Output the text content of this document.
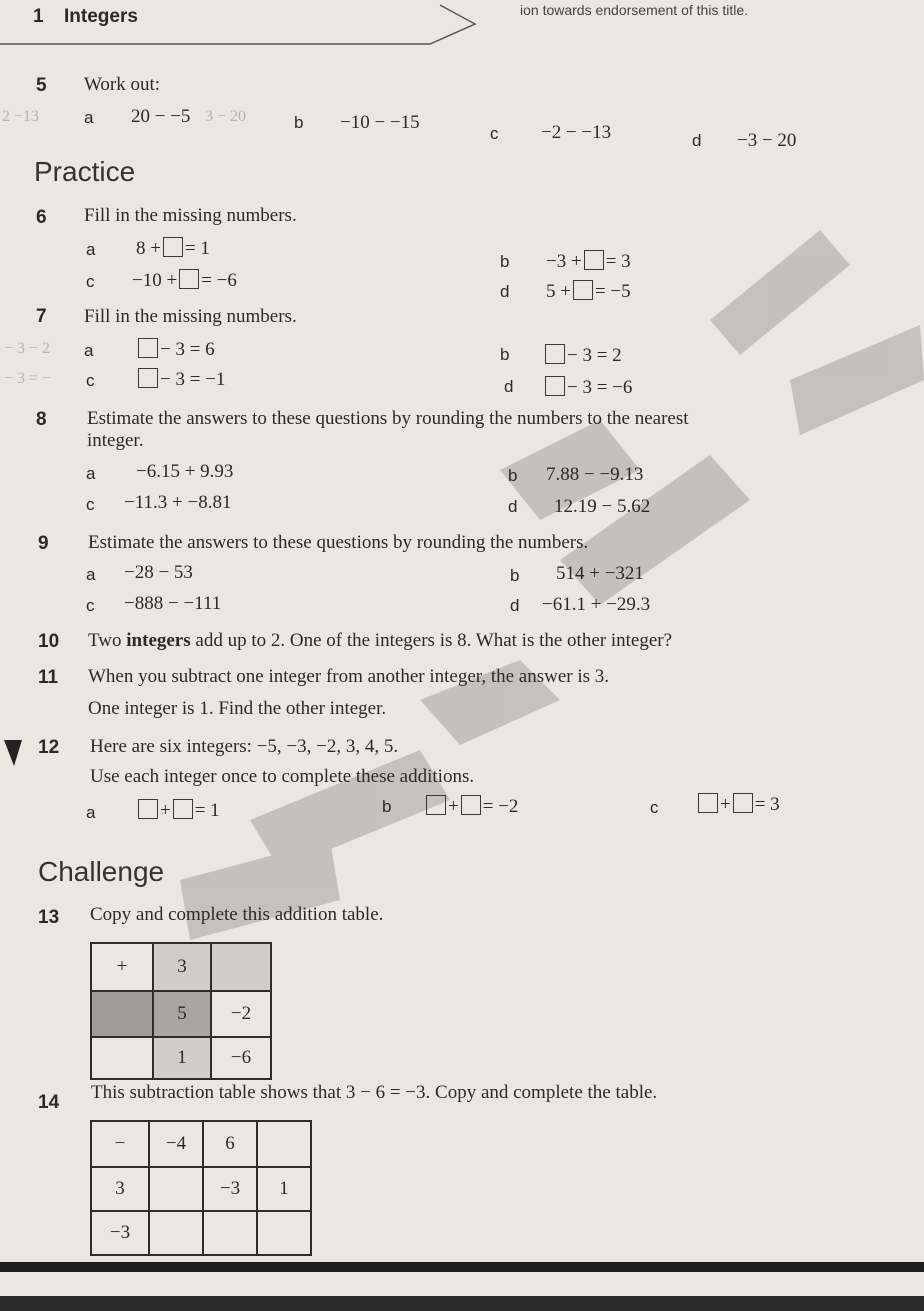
1 Integers	ion towards endorsement of this title.
5 Work out:
2 −13	a 20 − −5 3 − 20	b −10 − −15
c −2 − −13	d −3 − 20
Practice
6 Fill in the missing numbers.
a 8 + = 1
b −3 + = 3
c −10 + = −6
d 5 + = −5
7 Fill in the missing numbers.
− 3 − 2 a	− 3 = 6	b	− 3 = 2
− 3 = − c	− 3 = −1	d	− 3 = −6
8 Estimate the answers to these questions by rounding the numbers to the nearest
integer.
a −6.15 + 9.93	b 7.88 − −9.13
c −11.3 + −8.81	d 12.19 − 5.62
9 Estimate the answers to these questions by rounding the numbers.
a −28 − 53	b 514 + −321
c −888 − −111	d −61.1 + −29.3
10 Two integers add up to 2. One of the integers is 8. What is the other integer?
11 When you subtract one integer from another integer, the answer is 3.
One integer is 1. Find the other integer.
12 Here are six integers: −5, −3, −2, 3, 4, 5.
Use each integer once to complete these additions.
a	+ = 1	b	+ = −2	c	+ = 3
Challenge
13 Copy and complete this addition table.
+	3	
	5	−2
	1	−6
14 This subtraction table shows that 3 − 6 = −3. Copy and complete the table.
−	−4	6	
3		−3	1
−3			
